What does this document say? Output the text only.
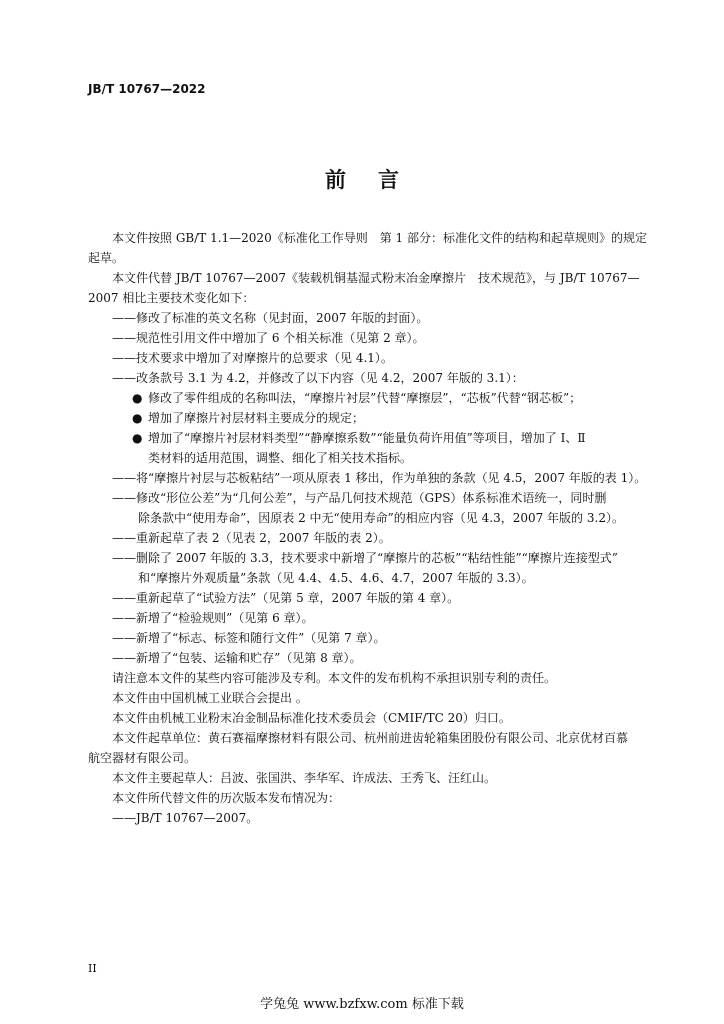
JB/T 10767—2022
前言
本文件按照 GB/T 1.1—2020《标准化工作导则　第 1 部分：标准化文件的结构和起草规则》的规定
起草。
本文件代替 JB/T 10767—2007《装载机铜基湿式粉末冶金摩擦片　技术规范》，与 JB/T 10767—
2007 相比主要技术变化如下：
——修改了标准的英文名称（见封面，2007 年版的封面）。
——规范性引用文件中增加了 6 个相关标准（见第 2 章）。
——技术要求中增加了对摩擦片的总要求（见 4.1）。
——改条款号 3.1 为 4.2，并修改了以下内容（见 4.2，2007 年版的 3.1）：
● 修改了零件组成的名称叫法，“摩擦片衬层”代替“摩擦层”，“芯板”代替“钢芯板”；
● 增加了摩擦片衬层材料主要成分的规定；
● 增加了“摩擦片衬层材料类型”“静摩擦系数”“能量负荷许用值”等项目，增加了 Ⅰ、Ⅱ
类材料的适用范围，调整、细化了相关技术指标。
——将“摩擦片衬层与芯板粘结”一项从原表 1 移出，作为单独的条款（见 4.5，2007 年版的表 1）。
——修改“形位公差”为“几何公差”，与产品几何技术规范（GPS）体系标准术语统一，同时删
除条款中“使用寿命”，因原表 2 中无“使用寿命”的相应内容（见 4.3，2007 年版的 3.2）。
——重新起草了表 2（见表 2，2007 年版的表 2）。
——删除了 2007 年版的 3.3，技术要求中新增了“摩擦片的芯板”“粘结性能”“摩擦片连接型式”
和“摩擦片外观质量”条款（见 4.4、4.5、4.6、4.7，2007 年版的 3.3）。
——重新起草了“试验方法”（见第 5 章，2007 年版的第 4 章）。
——新增了“检验规则”（见第 6 章）。
——新增了“标志、标签和随行文件”（见第 7 章）。
——新增了“包装、运输和贮存”（见第 8 章）。
请注意本文件的某些内容可能涉及专利。本文件的发布机构不承担识别专利的责任。
本文件由中国机械工业联合会提出 。
本文件由机械工业粉末冶金制品标准化技术委员会（CMIF/TC 20）归口。
本文件起草单位：黄石赛福摩擦材料有限公司、杭州前进齿轮箱集团股份有限公司、北京优材百慕
航空器材有限公司。
本文件主要起草人：吕波、张国洪、李华军、许成法、王秀飞、汪红山。
本文件所代替文件的历次版本发布情况为：
——JB/T 10767—2007。
II
学兔兔 www.bzfxw.com 标准下载
